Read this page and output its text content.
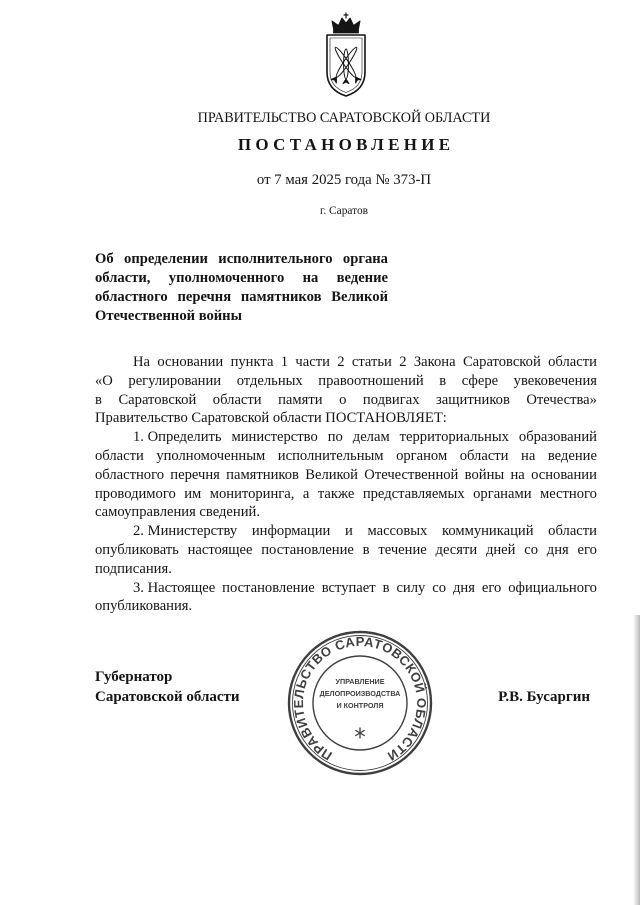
ПРАВИТЕЛЬСТВО САРАТОВСКОЙ ОБЛАСТИ
ПОСТАНОВЛЕНИЕ
от 7 мая 2025 года № 373-П
г. Саратов
Об определении исполнительного органа
области, уполномоченного на ведение
областного перечня памятников Великой
Отечественной войны
На основании пункта 1 части 2 статьи 2 Закона Саратовской области
«О регулировании отдельных правоотношений в сфере увековечения
в Саратовской области памяти о подвигах защитников Отечества»
Правительство Саратовской области ПОСТАНОВЛЯЕТ:
1. Определить министерство по делам территориальных образований
области уполномоченным исполнительным органом области на ведение
областного перечня памятников Великой Отечественной войны на основании
проводимого им мониторинга, а также представляемых органами местного
самоуправления сведений.
2. Министерству информации и массовых коммуникаций области
опубликовать настоящее постановление в течение десяти дней со дня его
подписания.
3. Настоящее постановление вступает в силу со дня его официального
опубликования.
Губернатор
Саратовской области	Р.В. Бусаргин
ПРАВИТЕЛЬСТВО САРАТОВСКОЙ ОБЛАСТИ
УПРАВЛЕНИЕ
ДЕЛОПРОИЗВОДСТВА
И КОНТРОЛЯ
